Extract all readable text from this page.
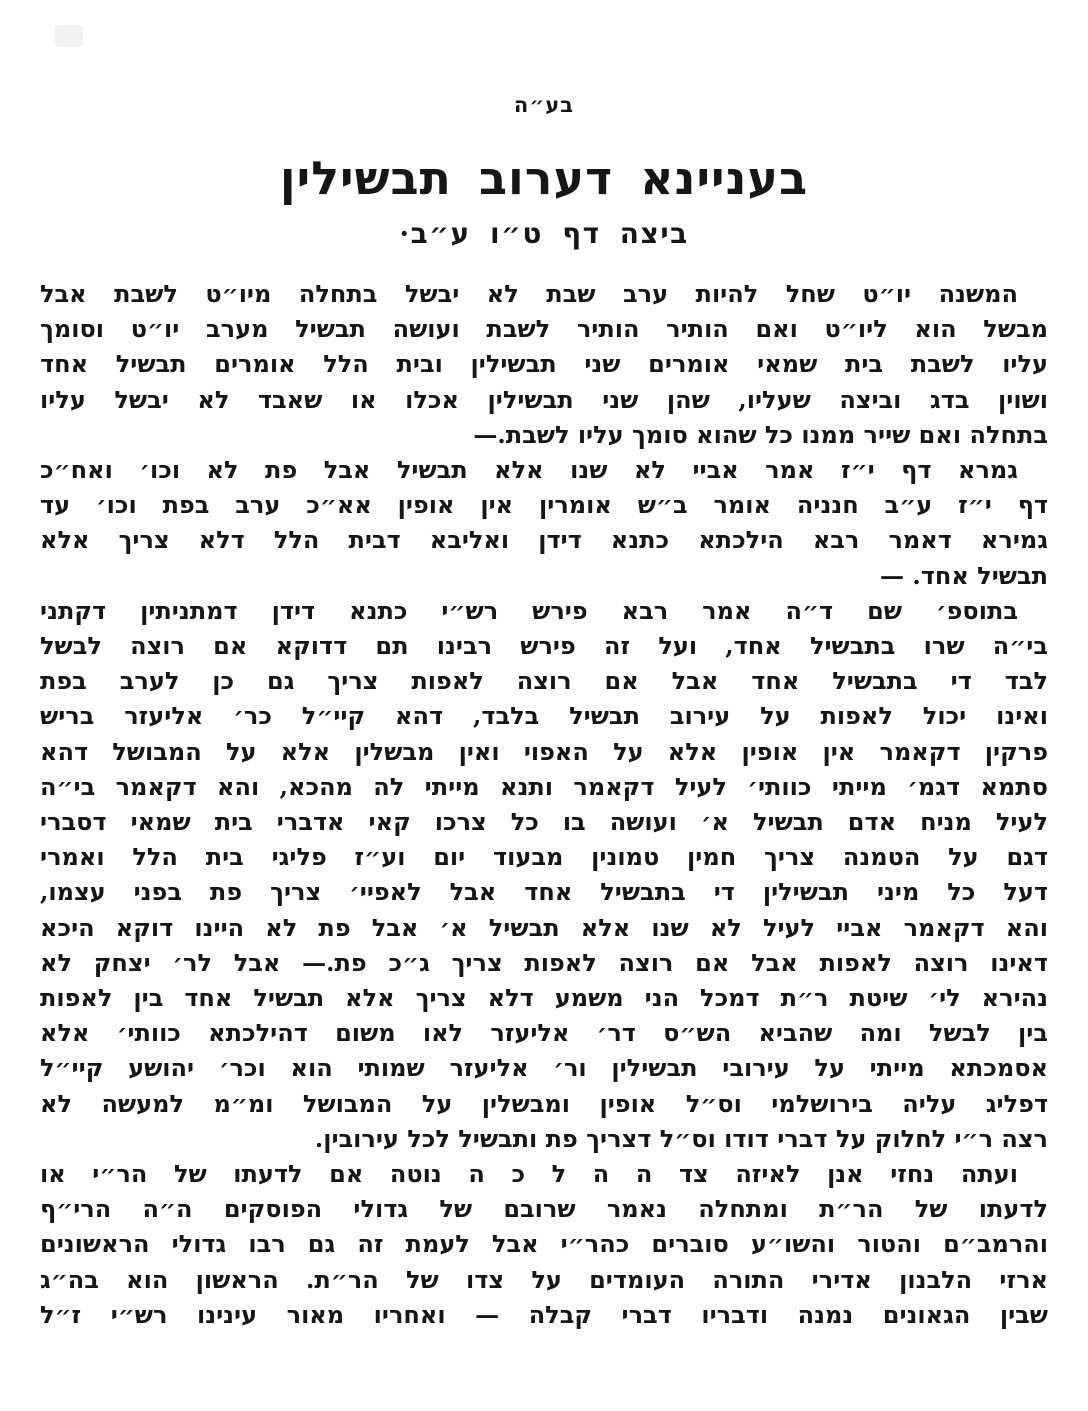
בע״ה
בעניינא דערוב תבשילין
ביצה דף ט״ו ע״ב·
המשנה יו״ט שחל להיות ערב שבת לא יבשל בתחלה מיו״ט לשבת אבל
מבשל הוא ליו״ט ואם הותיר הותיר לשבת ועושה תבשיל מערב יו״ט וסומך
עליו לשבת בית שמאי אומרים שני תבשילין ובית הלל אומרים תבשיל אחד
ושוין בדג וביצה שעליו, שהן שני תבשילין אכלו או שאבד לא יבשל עליו
בתחלה ואם שייר ממנו כל שהוא סומך עליו לשבת.—
גמרא דף י״ז אמר אביי לא שנו אלא תבשיל אבל פת לא וכו׳ ואח״כ
דף י״ז ע״ב חנניה אומר ב״ש אומרין אין אופין אא״כ ערב בפת וכו׳ עד
גמירא דאמר רבא הילכתא כתנא דידן ואליבא דבית הלל דלא צריך אלא
תבשיל אחד. —
בתוספ׳ שם ד״ה אמר רבא פירש רש״י כתנא דידן דמתניתין דקתני
בי״ה שרו בתבשיל אחד, ועל זה פירש רבינו תם דדוקא אם רוצה לבשל
לבד די בתבשיל אחד אבל אם רוצה לאפות צריך גם כן לערב בפת
ואינו יכול לאפות על עירוב תבשיל בלבד, דהא קיי״ל כר׳ אליעזר בריש
פרקין דקאמר אין אופין אלא על האפוי ואין מבשלין אלא על המבושל דהא
סתמא דגמ׳ מייתי כוותי׳ לעיל דקאמר ותנא מייתי לה מהכא, והא דקאמר בי״ה
לעיל מניח אדם תבשיל א׳ ועושה בו כל צרכו קאי אדברי בית שמאי דסברי
דגם על הטמנה צריך חמין טמונין מבעוד יום וע״ז פליגי בית הלל ואמרי
דעל כל מיני תבשילין די בתבשיל אחד אבל לאפיי׳ צריך פת בפני עצמו,
והא דקאמר אביי לעיל לא שנו אלא תבשיל א׳ אבל פת לא היינו דוקא היכא
דאינו רוצה לאפות אבל אם רוצה לאפות צריך ג״כ פת.— אבל לר׳ יצחק לא
נהירא לי׳ שיטת ר״ת דמכל הני משמע דלא צריך אלא תבשיל אחד בין לאפות
בין לבשל ומה שהביא הש״ס דר׳ אליעזר לאו משום דהילכתא כוותי׳ אלא
אסמכתא מייתי על עירובי תבשילין ור׳ אליעזר שמותי הוא וכר׳ יהושע קיי״ל
דפליג עליה בירושלמי וס״ל אופין ומבשלין על המבושל ומ״מ למעשה לא
רצה ר״י לחלוק על דברי דודו וס״ל דצריך פת ותבשיל לכל עירובין.
ועתה נחזי אנן לאיזה צד ה ה ל כ ה נוטה אם לדעתו של הר״י או
לדעתו של הר״ת ומתחלה נאמר שרובם של גדולי הפוסקים ה״ה הרי״ף
והרמב״ם והטור והשו״ע סוברים כהר״י אבל לעמת זה גם רבו גדולי הראשונים
ארזי הלבנון אדירי התורה העומדים על צדו של הר״ת. הראשון הוא בה״ג
שבין הגאונים נמנה ודבריו דברי קבלה — ואחריו מאור עינינו רש״י ז״ל
